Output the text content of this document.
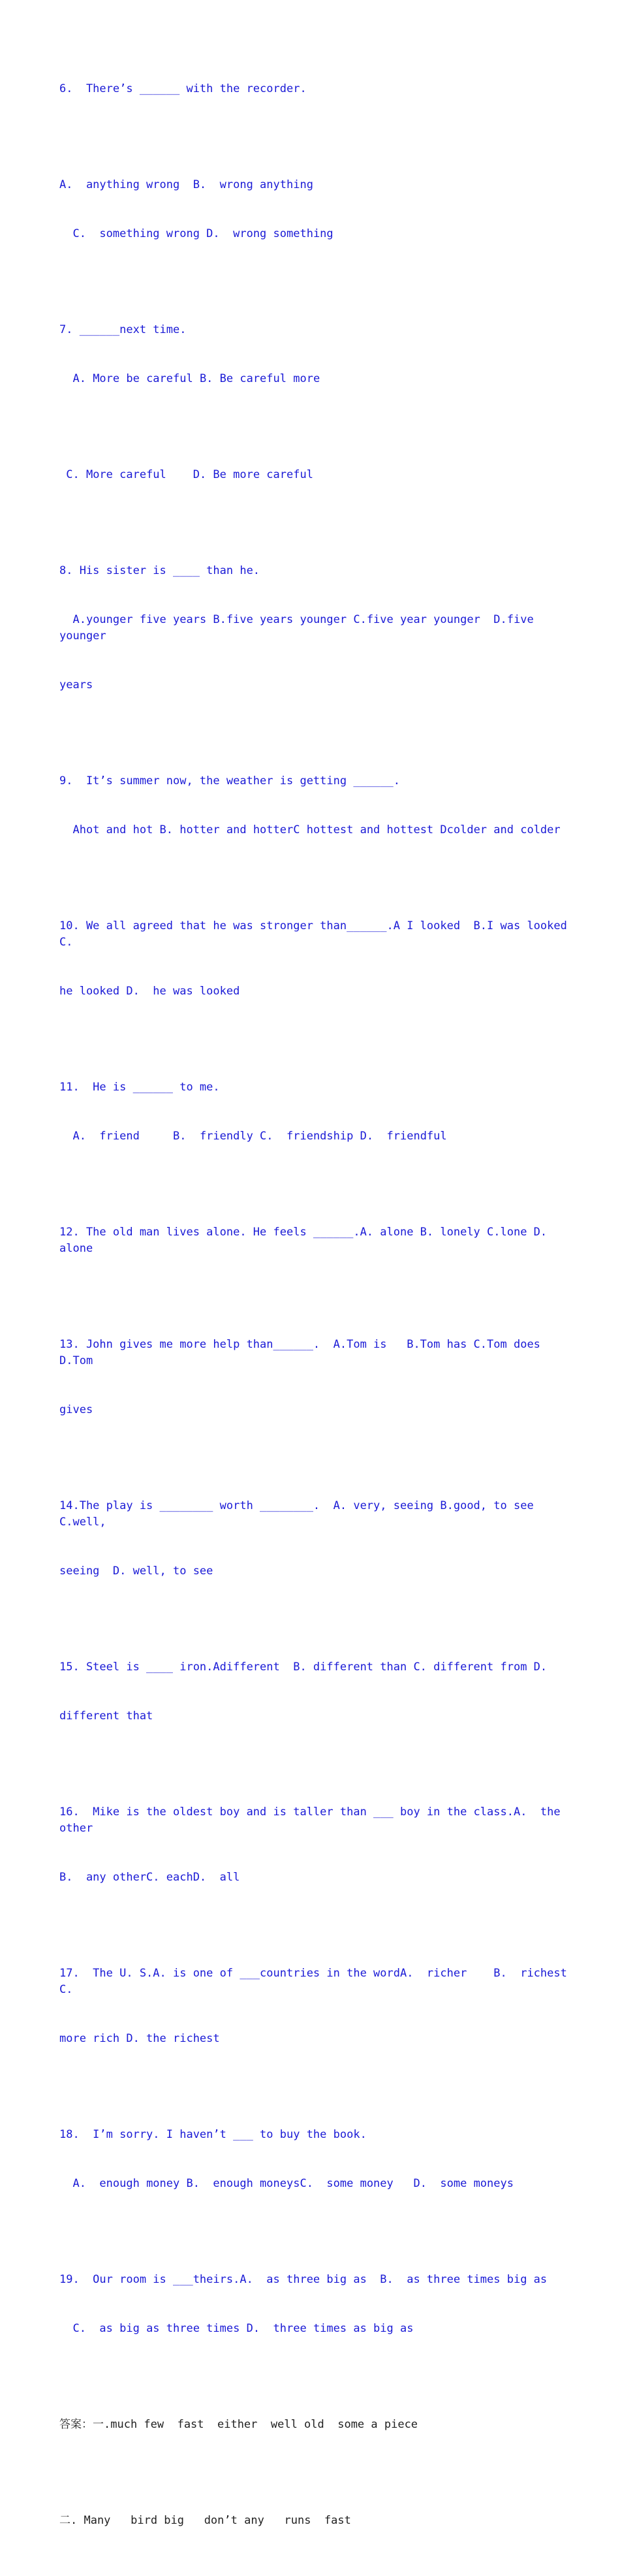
6.  There’s ______ with the recorder.

A.  anything wrong  B.  wrong anything

C.  something wrong D.  wrong something

7. ______next time.

A. More be careful B. Be careful more

C. More careful    D. Be more careful

8. His sister is ____ than he.

A.younger five years B.five years younger C.five year younger  D.five younger

years

9.  It’s summer now, the weather is getting ______.

Ahot and hot B. hotter and hotterC hottest and hottest Dcolder and colder

10. We all agreed that he was stronger than______.A I looked  B.I was looked C.

he looked D.  he was looked

11.  He is ______ to me.

A.  friend     B.  friendly C.  friendship D.  friendful

12. The old man lives alone. He feels ______.A. alone B. lonely C.lone D. alone

13. John gives me more help than______.  A.Tom is   B.Tom has C.Tom does D.Tom

gives

14.The play is ________ worth ________.  A. very, seeing B.good, to see C.well,

seeing  D. well, to see

15. Steel is ____ iron.Adifferent  B. different than C. different from D.

different that

16.  Mike is the oldest boy and is taller than ___ boy in the class.A.  the other

B.  any otherC. eachD.  all

17.  The U. S.A. is one of ___countries in the wordA.  richer    B.  richest C.

more rich D. the richest

18.  I’m sorry. I haven’t ___ to buy the book.

A.  enough money B.  enough moneysC.  some money   D.  some moneys

19.  Our room is ___theirs.A.  as three big as  B.  as three times big as

C.  as big as three times D.  three times as big as

答案：一.much few  fast  either  well old  some a piece

二. Many   bird big   don’t any   runs  fast
